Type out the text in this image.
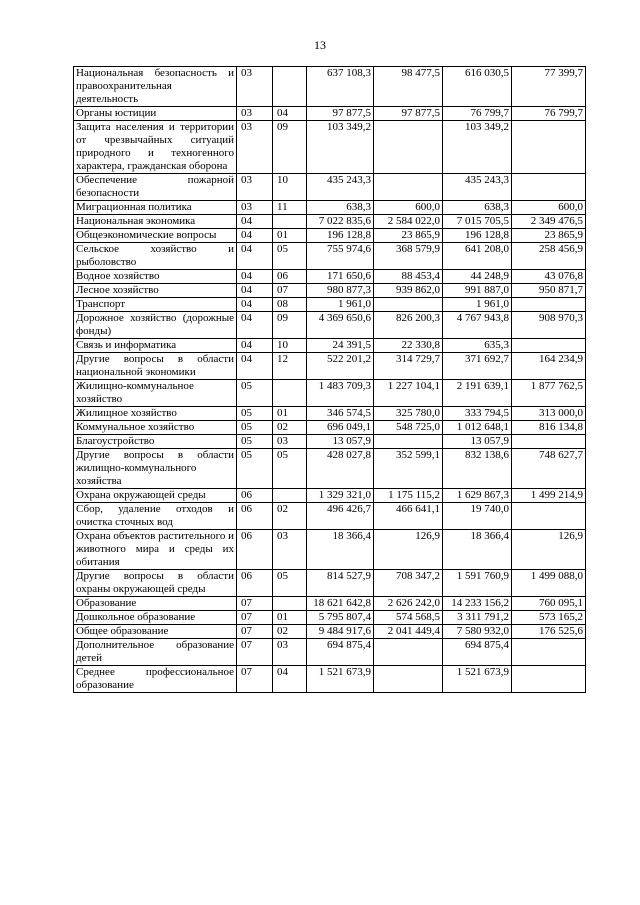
13
Национальная безопасность и правоохранительная деятельность	03		637 108,3	98 477,5	616 030,5	77 399,7
Органы юстиции	03	04	97 877,5	97 877,5	76 799,7	76 799,7
Защита населения и территории от чрезвычайных ситуаций природного и техногенного характера, гражданская оборона	03	09	103 349,2		103 349,2	
Обеспечение пожарной безопасности	03	10	435 243,3		435 243,3	
Миграционная политика	03	11	638,3	600,0	638,3	600,0
Национальная экономика	04		7 022 835,6	2 584 022,0	7 015 705,5	2 349 476,5
Общеэкономические вопросы	04	01	196 128,8	23 865,9	196 128,8	23 865,9
Сельское хозяйство и рыболовство	04	05	755 974,6	368 579,9	641 208,0	258 456,9
Водное хозяйство	04	06	171 650,6	88 453,4	44 248,9	43 076,8
Лесное хозяйство	04	07	980 877,3	939 862,0	991 887,0	950 871,7
Транспорт	04	08	1 961,0		1 961,0	
Дорожное хозяйство (дорожные фонды)	04	09	4 369 650,6	826 200,3	4 767 943,8	908 970,3
Связь и информатика	04	10	24 391,5	22 330,8	635,3	
Другие вопросы в области национальной экономики	04	12	522 201,2	314 729,7	371 692,7	164 234,9
Жилищно-коммунальное хозяйство	05		1 483 709,3	1 227 104,1	2 191 639,1	1 877 762,5
Жилищное хозяйство	05	01	346 574,5	325 780,0	333 794,5	313 000,0
Коммунальное хозяйство	05	02	696 049,1	548 725,0	1 012 648,1	816 134,8
Благоустройство	05	03	13 057,9		13 057,9	
Другие вопросы в области жилищно-коммунального хозяйства	05	05	428 027,8	352 599,1	832 138,6	748 627,7
Охрана окружающей среды	06		1 329 321,0	1 175 115,2	1 629 867,3	1 499 214,9
Сбор, удаление отходов и очистка сточных вод	06	02	496 426,7	466 641,1	19 740,0	
Охрана объектов растительного и животного мира и среды их обитания	06	03	18 366,4	126,9	18 366,4	126,9
Другие вопросы в области охраны окружающей среды	06	05	814 527,9	708 347,2	1 591 760,9	1 499 088,0
Образование	07		18 621 642,8	2 626 242,0	14 233 156,2	760 095,1
Дошкольное образование	07	01	5 795 807,4	574 568,5	3 311 791,2	573 165,2
Общее образование	07	02	9 484 917,6	2 041 449,4	7 580 932,0	176 525,6
Дополнительное образование детей	07	03	694 875,4		694 875,4	
Среднее профессиональное образование	07	04	1 521 673,9		1 521 673,9	
